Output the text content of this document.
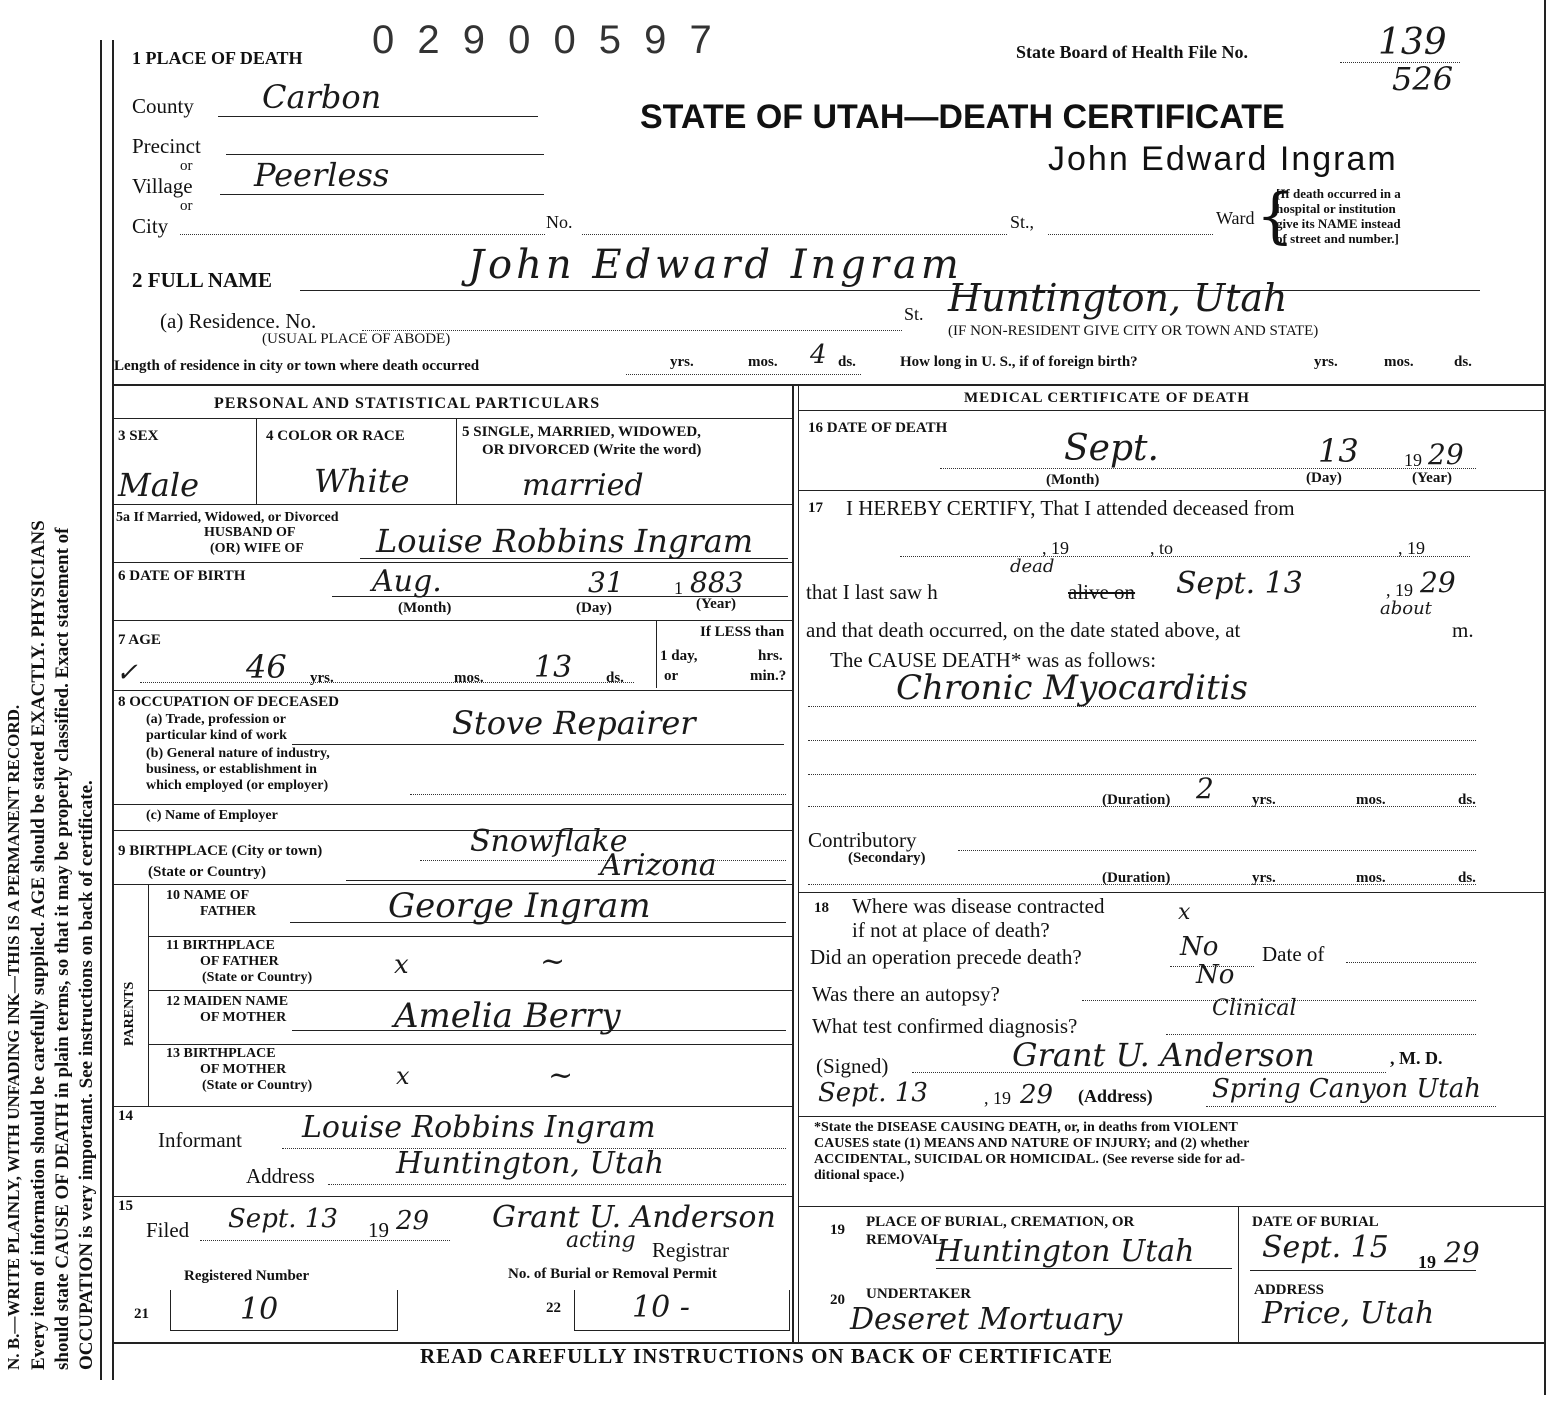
N. B.—WRITE PLAINLY, WITH UNFADING INK—THIS IS A PERMANENT RECORD. Every item of information should be carefully supplied. AGE should be stated EXACTLY. PHYSICIANS should state CAUSE OF DEATH in plain terms, so that it may be properly classified. Exact statement of OCCUPATION is very important. See instructions on back of certificate.
1 PLACE OF DEATH 0 2 9 0 0 5 9 7	State Board of Health File No.	139
526
STATE OF UTAH—DEATH CERTIFICATE
John Edward Ingram
County Carbon
Precinct
or
Village Peerless
or
City	No.	St.,	Ward {
[If death occurred in a
hospital or institution
give its NAME instead
of street and number.]
2 FULL NAME	John Edward Ingram
(a) Residence. No.
(USUAL PLACE OF ABODE)
St. Huntington, Utah
(IF NON-RESIDENT GIVE CITY OR TOWN AND STATE)
Length of residence in city or town where death occurred	yrs.	mos. 4 ds.	How long in U. S., if of foreign birth?	yrs.	mos.	ds.
PERSONAL AND STATISTICAL PARTICULARS
3 SEX
Male
4 COLOR OR RACE
White
5 SINGLE, MARRIED, WIDOWED,
OR DIVORCED (Write the word)
married
5a If Married, Widowed, or Divorced
HUSBAND OF
(OR) WIFE OF Louise Robbins Ingram
6 DATE OF BIRTH	Aug.	31	1 883
(Month)	(Day)	(Year)
7 AGE
✓	46 yrs.	mos. 13 ds.
If LESS than
1 day,	hrs.
or	min.?
8 OCCUPATION OF DECEASED
(a) Trade, profession or
particular kind of work	Stove Repairer
(b) General nature of industry,
business, or establishment in
which employed (or employer)
(c) Name of Employer
9 BIRTHPLACE (City or town)	Snowflake
(State or Country)	Arizona
PARENTS
10 NAME OF
FATHER	George Ingram
11 BIRTHPLACE
OF FATHER
(State or Country)	x	~
12 MAIDEN NAME
OF MOTHER	Amelia Berry
13 BIRTHPLACE
OF MOTHER
(State or Country)	x	~
14
Informant Louise Robbins Ingram
Address	Huntington, Utah
15
Filed Sept. 13 19 29 Grant U. Anderson
acting Registrar
Registered Number	No. of Burial or Removal Permit
21	10	22 10 -
MEDICAL CERTIFICATE OF DEATH
16 DATE OF DEATH	Sept.	13	19 29
(Month)	(Day)	(Year)
17 I HEREBY CERTIFY, That I attended deceased from
, 19	, to	, 19
that I last saw h
dead
alive on Sept. 13	, 19 29
and that death occurred, on the date stated above, at
about
m.
The CAUSE DEATH* was as follows:
Chronic Myocarditis
(Duration) 2	yrs.	mos.	ds.
Contributory
(Secondary)
(Duration)	yrs.	mos.	ds.
18 Where was disease contracted
if not at place of death?
x
Did an operation precede death?	No Date of
Was there an autopsy?
No
What test confirmed diagnosis?
Clinical
(Signed)	Grant U. Anderson	, M. D.
Sept. 13	, 19 29 (Address) Spring Canyon Utah
*State the DISEASE CAUSING DEATH, or, in deaths from VIOLENT
CAUSES state (1) MEANS AND NATURE OF INJURY; and (2) whether
ACCIDENTAL, SUICIDAL OR HOMICIDAL. (See reverse side for ad-
ditional space.)
19 PLACE OF BURIAL, CREMATION, OR
REMOVAL
Huntington Utah
DATE OF BURIAL
Sept. 15 19 29
20 UNDERTAKER
Deseret Mortuary
ADDRESS
Price, Utah
READ CAREFULLY INSTRUCTIONS ON BACK OF CERTIFICATE
